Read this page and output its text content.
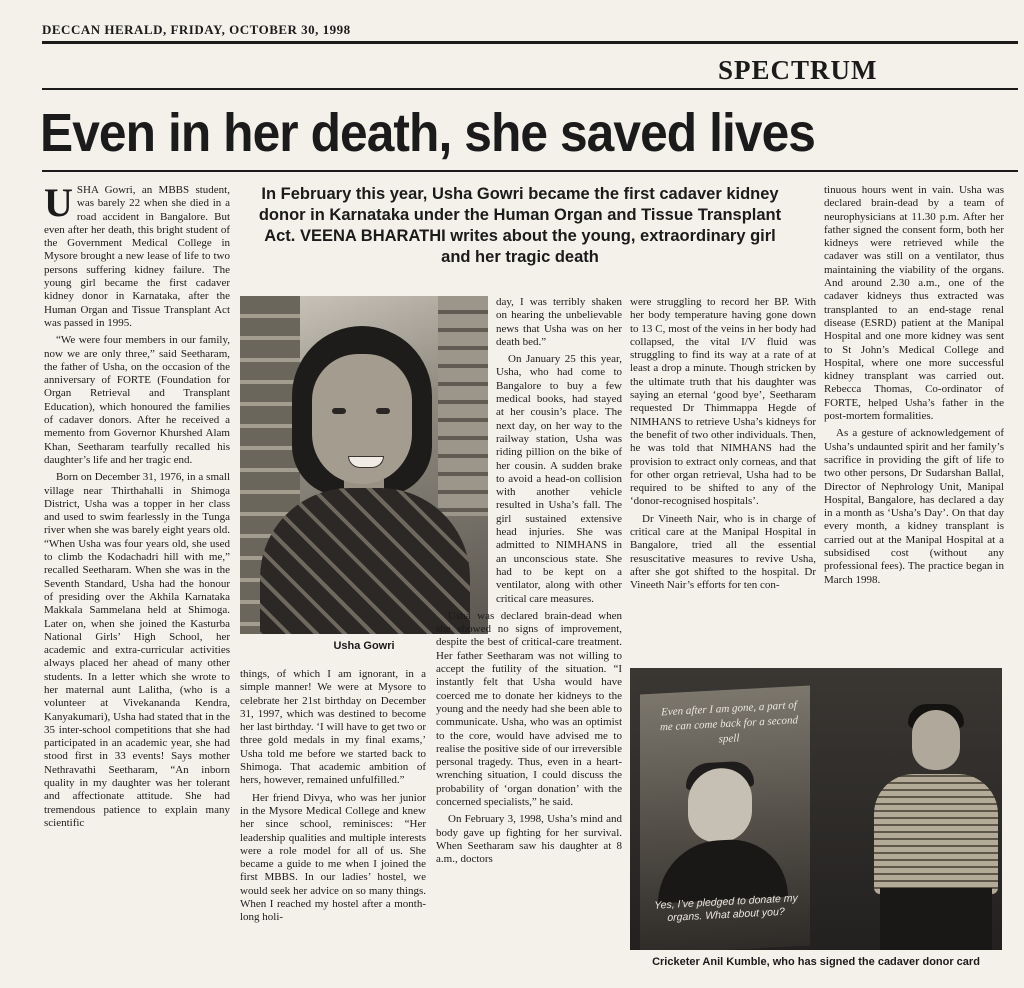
DECCAN HERALD, FRIDAY, OCTOBER 30, 1998
SPECTRUM
Even in her death, she saved lives

USHA Gowri, an MBBS student, was barely 22 when she died in a road accident in Bangalore. But even after her death, this bright student of the Government Medical College in Mysore brought a new lease of life to two persons suffering kidney failure. The young girl became the first cadaver kidney donor in Karnataka, after the Human Organ and Tissue Transplant Act was passed in 1995.

“We were four members in our family, now we are only three,” said Seetharam, the father of Usha, on the occasion of the anniversary of FORTE (Foundation for Organ Retrieval and Transplant Education), which honoured the families of cadaver donors. After he received a memento from Governor Khurshed Alam Khan, Seetharam tearfully recalled his daughter’s life and her tragic end.

Born on December 31, 1976, in a small village near Thirthahalli in Shimoga District, Usha was a topper in her class and used to swim fearlessly in the Tunga river when she was barely eight years old. “When Usha was four years old, she used to climb the Kodachadri hill with me,” recalled Seetharam. When she was in the Seventh Standard, Usha had the honour of presiding over the Akhila Karnataka Makkala Sammelana held at Shimoga. Later on, when she joined the Kasturba National Girls’ High School, her academic and extra-curricular activities always placed her ahead of many other students. In a letter which she wrote to her maternal aunt Lalitha, (who is a volunteer at Vivekananda Kendra, Kanyakumari), Usha had stated that in the 35 inter-school competitions that she had participated in an academic year, she had stood first in 33 events! Says mother Nethravathi Seetharam, “An inborn quality in my daughter was her tolerant and affectionate attitude. She had tremendous patience to explain many scientific

In February this year, Usha Gowri became the first cadaver kidney donor in Karnataka under the Human Organ and Tissue Transplant Act. VEENA BHARATHI writes about the young, extraordinary girl and her tragic death
Usha Gowri

things, of which I am ignorant, in a simple manner! We were at Mysore to celebrate her 21st birthday on December 31, 1997, which was destined to become her last birthday. ‘I will have to get two or three gold medals in my final exams,’ Usha told me before we started back to Shimoga. That academic ambition of hers, however, remained unfulfilled.”

Her friend Divya, who was her junior in the Mysore Medical College and knew her since school, reminisces: “Her leadership qualities and multiple interests were a role model for all of us. She became a guide to me when I joined the first MBBS. In our ladies’ hostel, we would seek her advice on so many things. When I reached my hostel after a month-long holi-

day, I was terribly shaken on hearing the unbelievable news that Usha was on her death bed.”

On January 25 this year, Usha, who had come to Bangalore to buy a few medical books, had stayed at her cousin’s place. The next day, on her way to the railway station, Usha was riding pillion on the bike of her cousin. A sudden brake to avoid a head-on collision with another vehicle resulted in Usha’s fall. The girl sustained extensive head injuries. She was admitted to NIMHANS in an unconscious state. She had to be kept on a ventilator, along with other critical care measures.

Usha was declared brain-dead when she showed no signs of improvement, despite the best of critical-care treatment. Her father Seetharam was not willing to accept the futility of the situation. “I instantly felt that Usha would have coerced me to donate her kidneys to the young and the needy had she been able to communicate. Usha, who was an optimist to the core, would have advised me to realise the positive side of our irreversible personal tragedy. Thus, even in a heart-wrenching situation, I could discuss the probability of ‘organ donation’ with the concerned specialists,” he said.

On February 3, 1998, Usha’s mind and body gave up fighting for her survival. When Seetharam saw his daughter at 8 a.m., doctors

were struggling to record her BP. With her body temperature having gone down to 13 C, most of the veins in her body had collapsed, the vital I/V fluid was struggling to find its way at a rate of at least a drop a minute. Though stricken by the ultimate truth that his daughter was saying an eternal ‘good bye’, Seetharam requested Dr Thimmappa Hegde of NIMHANS to retrieve Usha’s kidneys for the benefit of two other individuals. Then, he was told that NIMHANS had the provision to extract only corneas, and that for other organ retrieval, Usha had to be required to be shifted to any of the ‘donor-recognised hospitals’.

Dr Vineeth Nair, who is in charge of critical care at the Manipal Hospital in Bangalore, tried all the essential resuscitative measures to revive Usha, after she got shifted to the hospital. Dr Vineeth Nair’s efforts for ten con-

tinuous hours went in vain. Usha was declared brain-dead by a team of neurophysicians at 11.30 p.m. After her father signed the consent form, both her kidneys were retrieved while the cadaver was still on a ventilator, thus maintaining the viability of the organs. And around 2.30 a.m., one of the cadaver kidneys thus extracted was transplanted to an end-stage renal disease (ESRD) patient at the Manipal Hospital and one more kidney was sent to St John’s Medical College and Hospital, where one more successful kidney transplant was carried out. Rebecca Thomas, Co-ordinator of FORTE, helped Usha’s father in the post-mortem formalities.

As a gesture of acknowledgement of Usha’s undaunted spirit and her family’s sacrifice in providing the gift of life to two other persons, Dr Sudarshan Ballal, Director of Nephrology Unit, Manipal Hospital, Bangalore, has declared a day in a month as ‘Usha’s Day’. On that day every month, a kidney transplant is carried out at the Manipal Hospital at a subsidised cost (without any professional fees). The practice began in March 1998.

Even after I am gone, a part of me can come back for a second spell
Yes, I’ve pledged to donate my organs. What about you?
Cricketer Anil Kumble, who has signed the cadaver donor card
